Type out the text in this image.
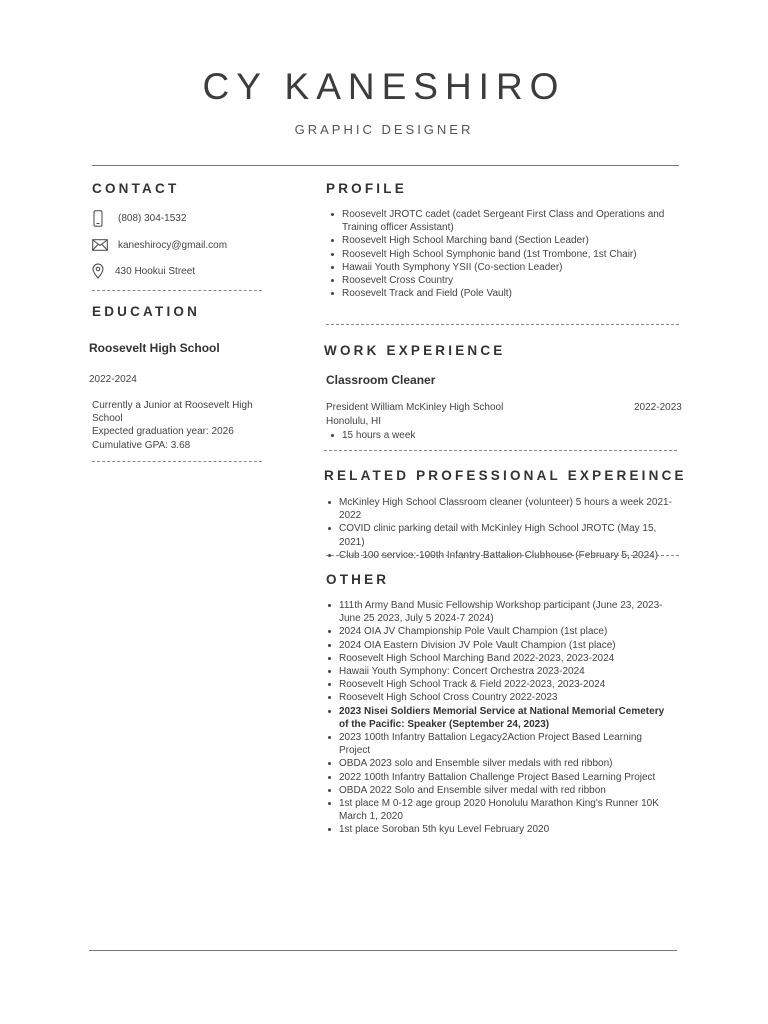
CY KANESHIRO
GRAPHIC DESIGNER
CONTACT
(808) 304-1532
kaneshirocy@gmail.com
430 Hookui Street
EDUCATION
Roosevelt High School
2022-2024
Currently a Junior at Roosevelt High School
Expected graduation year: 2026
Cumulative GPA: 3.68
PROFILE
Roosevelt JROTC cadet (cadet Sergeant First Class and Operations and Training officer Assistant)
Roosevelt High School Marching band (Section Leader)
Roosevelt High School Symphonic band (1st Trombone, 1st Chair)
Hawaii Youth Symphony YSII (Co-section Leader)
Roosevelt Cross Country
Roosevelt Track and Field (Pole Vault)
WORK EXPERIENCE
Classroom Cleaner
President William McKinley High School	2022-2023
Honolulu, HI
15 hours a week
RELATED PROFESSIONAL EXPEREINCE
McKinley High School Classroom cleaner (volunteer) 5 hours a week 2021-2022
COVID clinic parking detail with McKinley High School JROTC (May 15, 2021)
Club 100 service: 100th Infantry Battalion Clubhouse (February 5, 2024)
OTHER
111th Army Band Music Fellowship Workshop participant (June 23, 2023-June 25 2023, July 5 2024-7 2024)
2024 OIA JV Championship Pole Vault Champion (1st place)
2024 OIA Eastern Division JV Pole Vault Champion (1st place)
Roosevelt High School Marching Band 2022-2023, 2023-2024
Hawaii Youth Symphony: Concert Orchestra 2023-2024
Roosevelt High School Track & Field 2022-2023, 2023-2024
Roosevelt High School Cross Country 2022-2023
2023 Nisei Soldiers Memorial Service at National Memorial Cemetery of the Pacific: Speaker (September 24, 2023)
2023 100th Infantry Battalion Legacy2Action Project Based Learning Project
OBDA 2023 solo and Ensemble silver medals with red ribbon)
2022 100th Infantry Battalion Challenge Project Based Learning Project
OBDA 2022 Solo and Ensemble silver medal with red ribbon
1st place M 0-12 age group 2020 Honolulu Marathon King's Runner 10K March 1, 2020
1st place Soroban 5th kyu Level February 2020
